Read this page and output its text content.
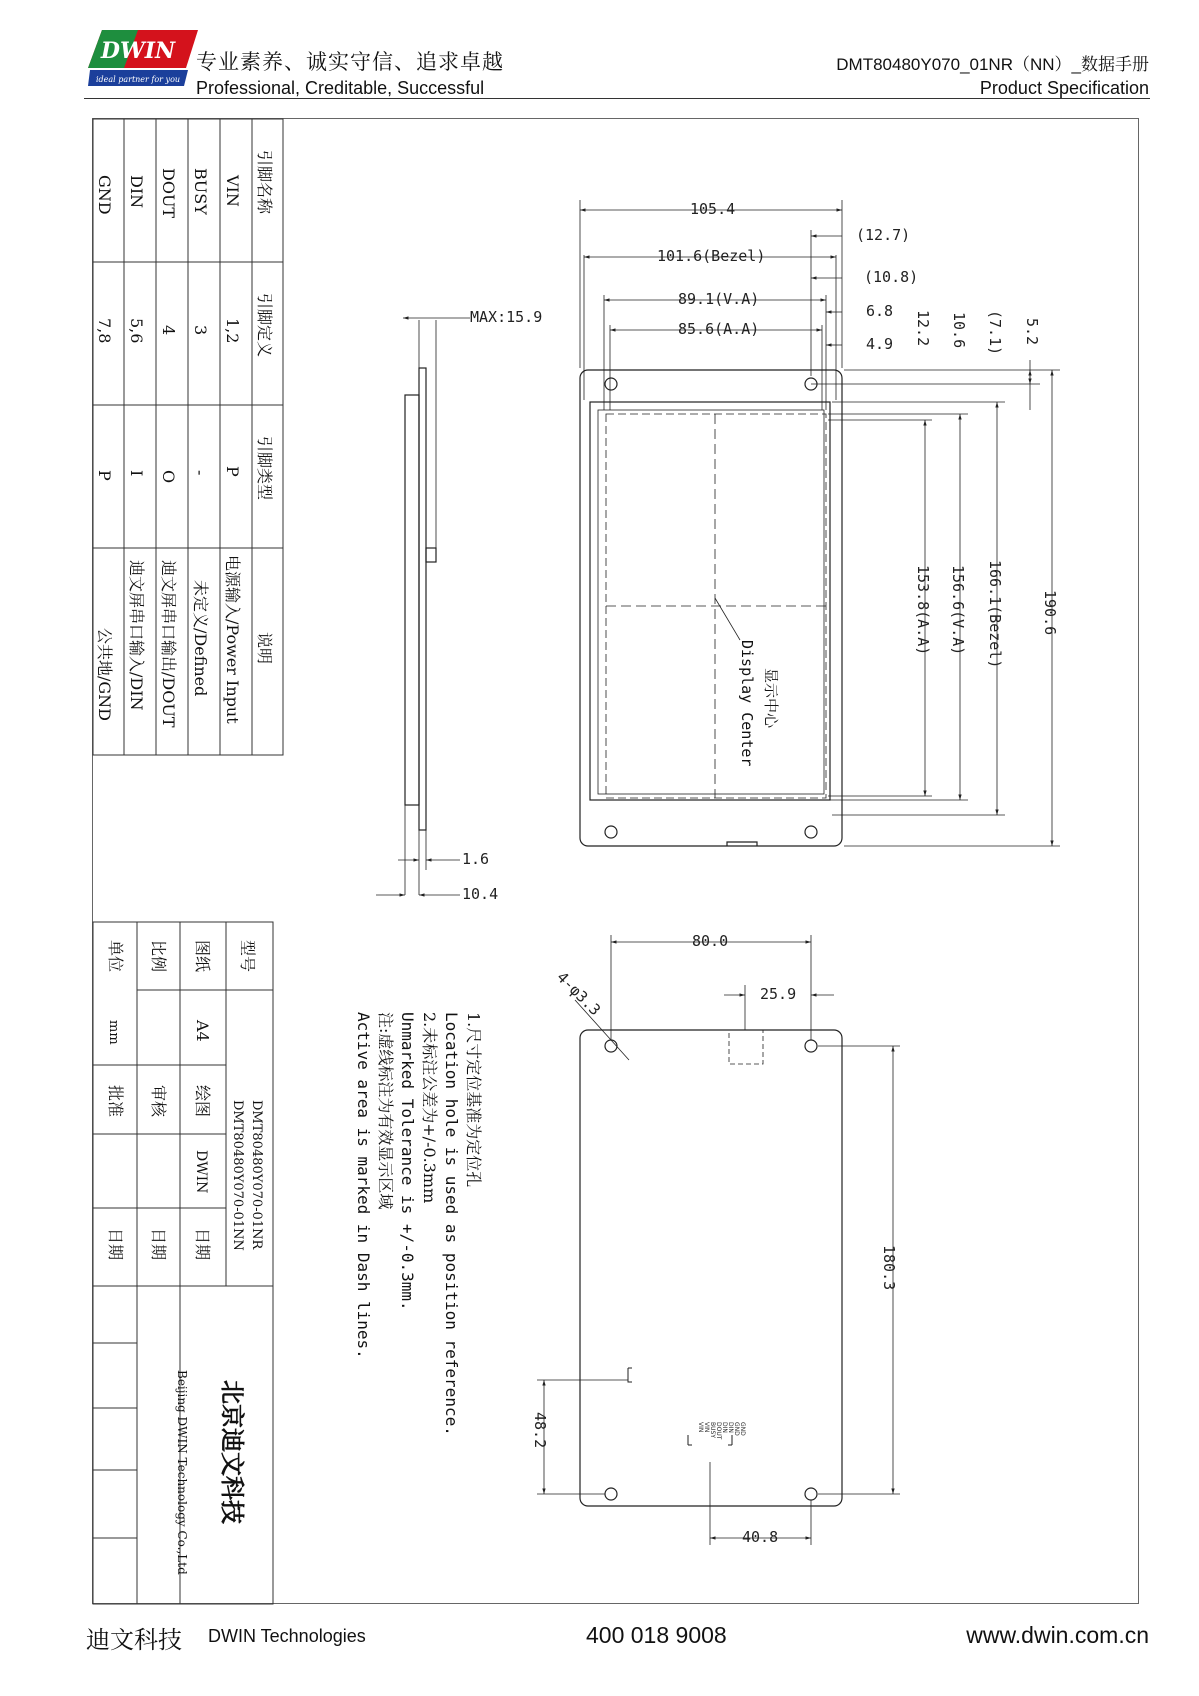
DWIN
ideal partner for you
专业素养、诚实守信、追求卓越
Professional, Creditable, Successful
DMT80480Y070_01NR（NN）_数据手册
Product Specification
引脚名称
引脚定义
引脚类型
说明
VIN
1,2
P
电源输入/Power Input
BUSY
3
-
未定义/Defined
DOUT
4
O
迪文屏串口输出/DOUT
DIN
5,6
I
迪文屏串口输入/DIN
GND
7,8
P
公共地/GND
型号
DMT80480Y070-01NR
DMT80480Y070-01NN
图纸
A4
绘图
DWIN
日期
比例
审核
日期
单位
mm
批准
日期
北京迪文科技
Beijing DWIN Technology Co.,Ltd
1.尺寸定位基准为定位孔
Location hole is used as position reference.
2.未标注公差为+/-0.3mm
Unmarked Tolerance is +/-0.3mm.
注:虚线标注为有效显示区域
Active area is marked in Dash lines.
MAX:15.9
1.6
10.4
显示中心
Display Center
105.4
101.6(Bezel)
89.1(V.A)
85.6(A.A)
(12.7)
(10.8)
6.8
4.9
190.6
166.1(Bezel)
156.6(V.A)
153.8(A.A)
5.2
(7.1)
10.6
12.2
80.0
25.9
4-φ3.3
180.3
48.2
40.8
GND
GND
DIN
DIN
DOUT
BUSY
VIN
VIN
迪文科技 DWIN Technologies	400 018 9008	www.dwin.com.cn
